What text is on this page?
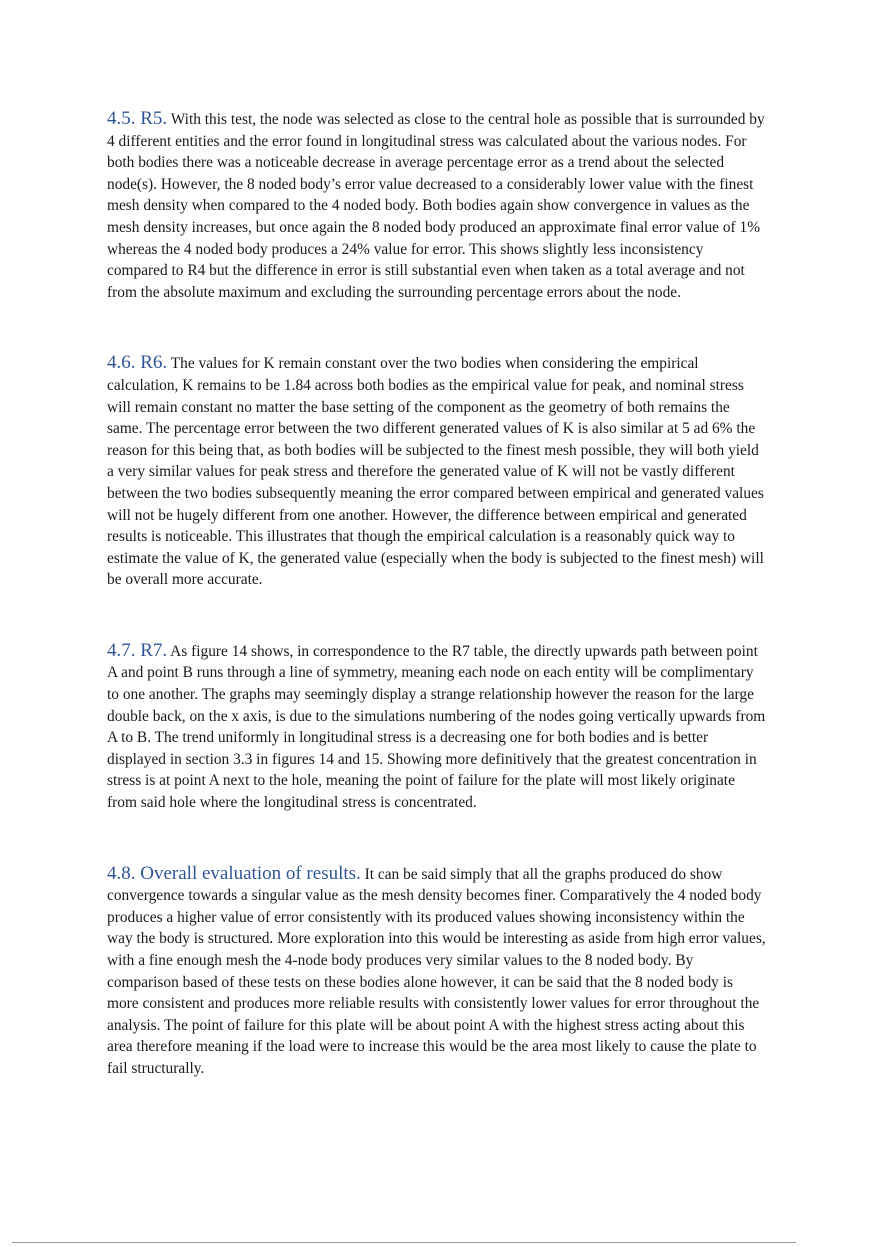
4.5. R5. With this test, the node was selected as close to the central hole as possible that is surrounded by 4 different entities and the error found in longitudinal stress was calculated about the various nodes. For both bodies there was a noticeable decrease in average percentage error as a trend about the selected node(s). However, the 8 noded body’s error value decreased to a considerably lower value with the finest mesh density when compared to the 4 noded body. Both bodies again show convergence in values as the mesh density increases, but once again the 8 noded body produced an approximate final error value of 1% whereas the 4 noded body produces a 24% value for error. This shows slightly less inconsistency compared to R4 but the difference in error is still substantial even when taken as a total average and not from the absolute maximum and excluding the surrounding percentage errors about the node.

4.6. R6. The values for K remain constant over the two bodies when considering the empirical calculation, K remains to be 1.84 across both bodies as the empirical value for peak, and nominal stress will remain constant no matter the base setting of the component as the geometry of both remains the same. The percentage error between the two different generated values of K is also similar at 5 ad 6% the reason for this being that, as both bodies will be subjected to the finest mesh possible, they will both yield a very similar values for peak stress and therefore the generated value of K will not be vastly different between the two bodies subsequently meaning the error compared between empirical and generated values will not be hugely different from one another. However, the difference between empirical and generated results is noticeable. This illustrates that though the empirical calculation is a reasonably quick way to estimate the value of K, the generated value (especially when the body is subjected to the finest mesh) will be overall more accurate.

4.7. R7. As figure 14 shows, in correspondence to the R7 table, the directly upwards path between point A and point B runs through a line of symmetry, meaning each node on each entity will be complimentary to one another. The graphs may seemingly display a strange relationship however the reason for the large double back, on the x axis, is due to the simulations numbering of the nodes going vertically upwards from A to B. The trend uniformly in longitudinal stress is a decreasing one for both bodies and is better displayed in section 3.3 in figures 14 and 15. Showing more definitively that the greatest concentration in stress is at point A next to the hole, meaning the point of failure for the plate will most likely originate from said hole where the longitudinal stress is concentrated.

4.8. Overall evaluation of results. It can be said simply that all the graphs produced do show convergence towards a singular value as the mesh density becomes finer. Comparatively the 4 noded body produces a higher value of error consistently with its produced values showing inconsistency within the way the body is structured. More exploration into this would be interesting as aside from high error values, with a fine enough mesh the 4-node body produces very similar values to the 8 noded body. By comparison based of these tests on these bodies alone however, it can be said that the 8 noded body is more consistent and produces more reliable results with consistently lower values for error throughout the analysis. The point of failure for this plate will be about point A with the highest stress acting about this area therefore meaning if the load were to increase this would be the area most likely to cause the plate to fail structurally.
